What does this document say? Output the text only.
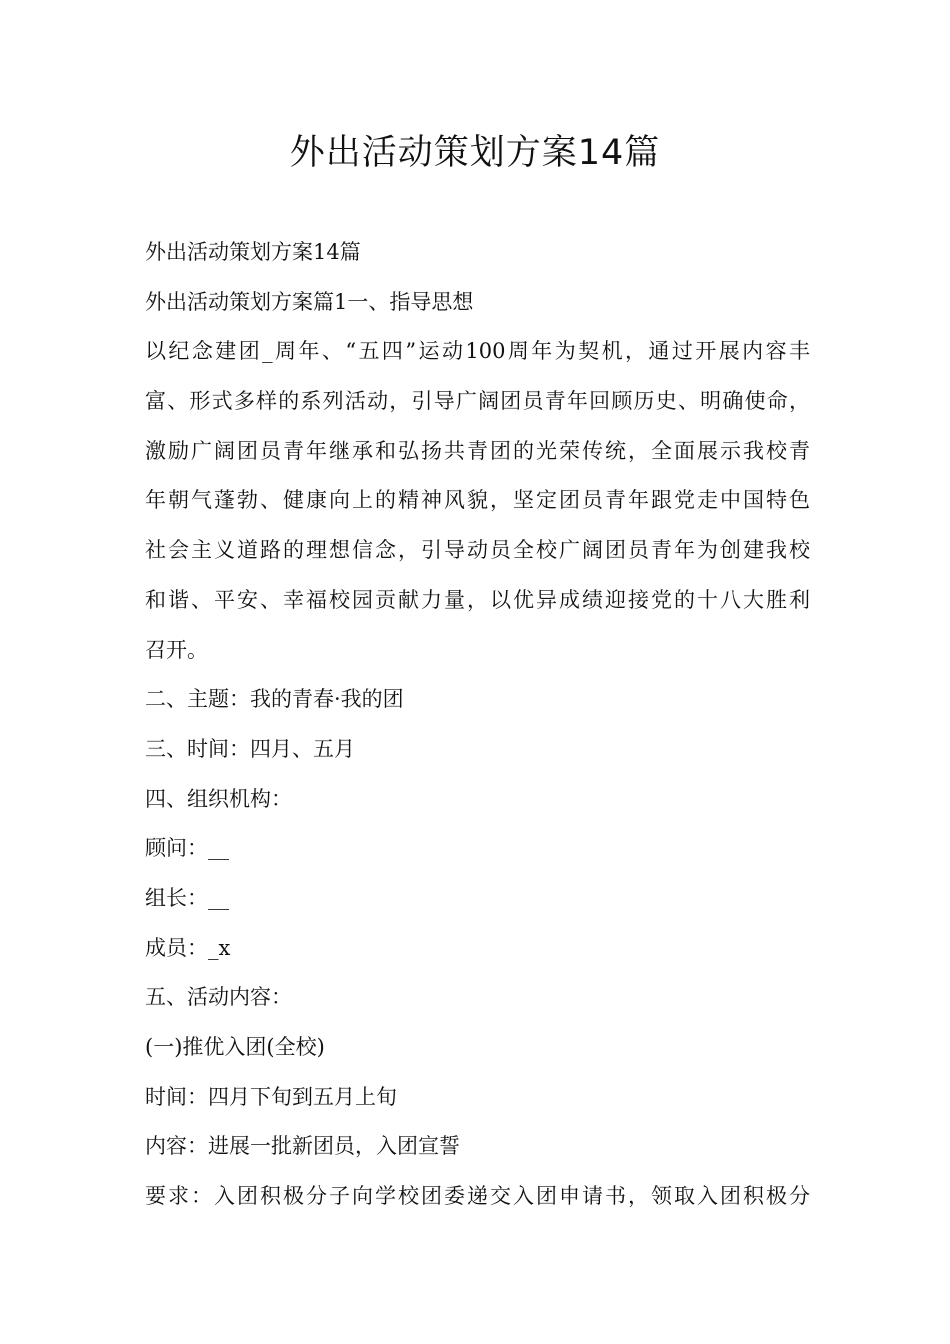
外出活动策划方案14篇
外出活动策划方案14篇
外出活动策划方案篇1一、指导思想
以纪念建团_周年、“五四”运动100周年为契机，通过开展内容丰
富、形式多样的系列活动，引导广阔团员青年回顾历史、明确使命，
激励广阔团员青年继承和弘扬共青团的光荣传统，全面展示我校青
年朝气蓬勃、健康向上的精神风貌，坚定团员青年跟党走中国特色
社会主义道路的理想信念，引导动员全校广阔团员青年为创建我校
和谐、平安、幸福校园贡献力量，以优异成绩迎接党的十八大胜利
召开。
二、主题：我的青春·我的团
三、时间：四月、五月
四、组织机构：
顾问：__
组长：__
成员：_x
五、活动内容：
(一)推优入团(全校)
时间：四月下旬到五月上旬
内容：进展一批新团员，入团宣誓
要求：入团积极分子向学校团委递交入团申请书，领取入团积极分
